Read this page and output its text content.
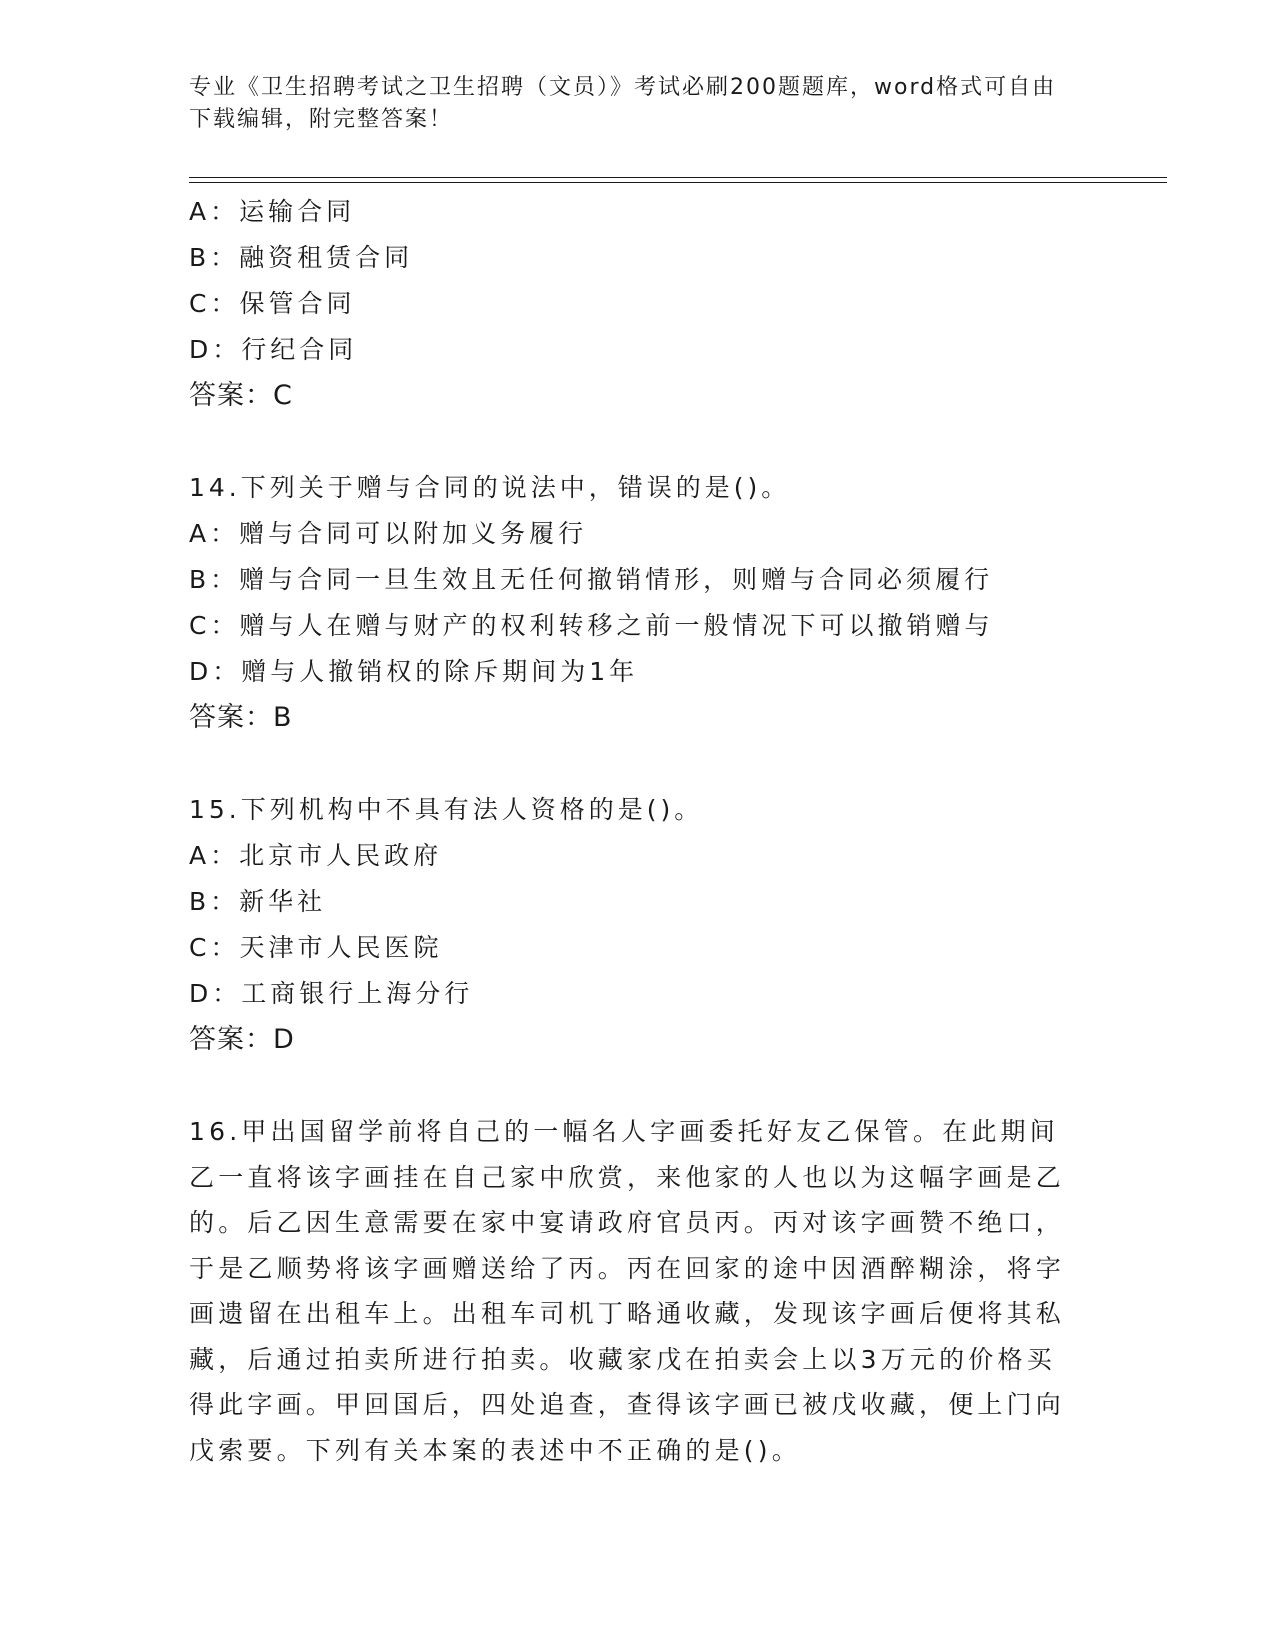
专业《卫生招聘考试之卫生招聘（文员）》考试必刷200题题库，word格式可自由下载编辑，附完整答案！
A：运输合同
B：融资租赁合同
C：保管合同
D：行纪合同
答案：C
14.下列关于赠与合同的说法中，错误的是()。
A：赠与合同可以附加义务履行
B：赠与合同一旦生效且无任何撤销情形，则赠与合同必须履行
C：赠与人在赠与财产的权利转移之前一般情况下可以撤销赠与
D：赠与人撤销权的除斥期间为1年
答案：B
15.下列机构中不具有法人资格的是()。
A：北京市人民政府
B：新华社
C：天津市人民医院
D：工商银行上海分行
答案：D
16.甲出国留学前将自己的一幅名人字画委托好友乙保管。在此期间乙一直将该字画挂在自己家中欣赏，来他家的人也以为这幅字画是乙的。后乙因生意需要在家中宴请政府官员丙。丙对该字画赞不绝口，于是乙顺势将该字画赠送给了丙。丙在回家的途中因酒醉糊涂，将字画遗留在出租车上。出租车司机丁略通收藏，发现该字画后便将其私藏，后通过拍卖所进行拍卖。收藏家戊在拍卖会上以3万元的价格买得此字画。甲回国后，四处追查，查得该字画已被戊收藏，便上门向戊索要。下列有关本案的表述中不正确的是()。
